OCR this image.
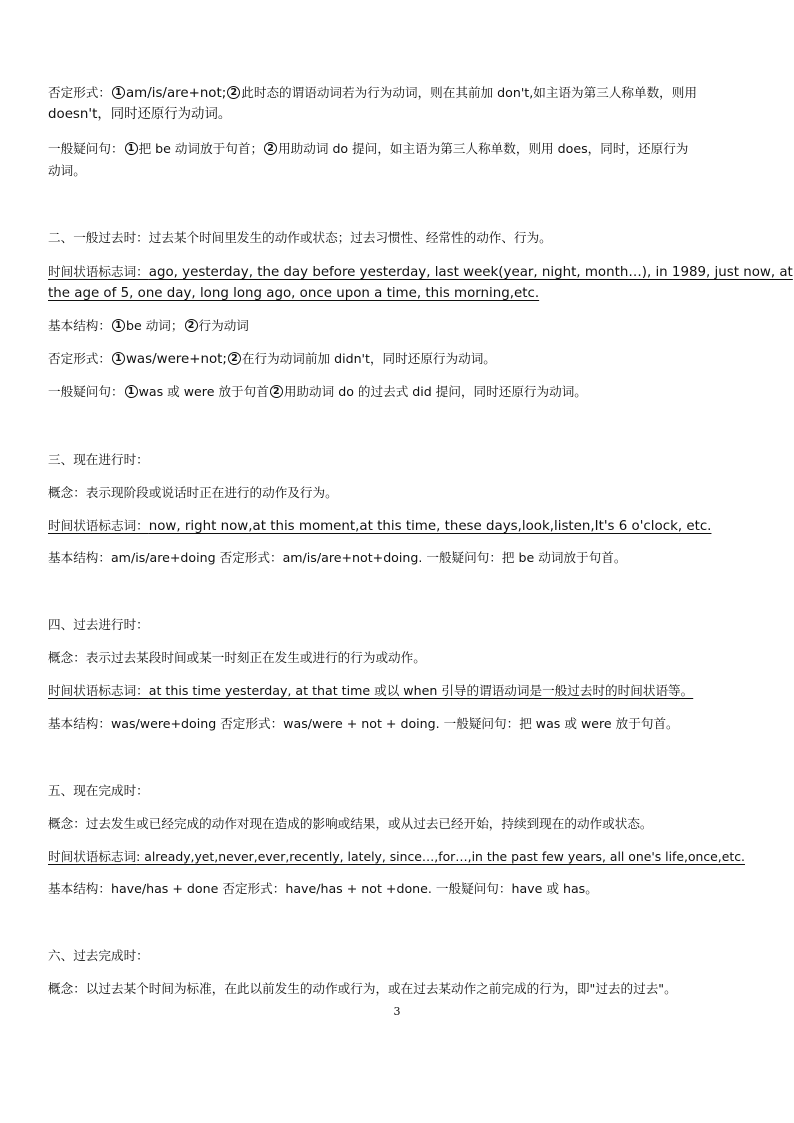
否定形式： 1 am/is/are+not; 2 此时态的谓语动词若为行为动词，则在其前加 don't,如主语为第三人称单数，则用
doesn't，同时还原行为动词。
一般疑问句： 1 把 be 动词放于句首； 2 用助动词 do 提问，如主语为第三人称单数，则用 does，同时，还原行为
动词。
二、一般过去时：过去某个时间里发生的动作或状态；过去习惯性、经常性的动作、行为。
时间状语标志词：ago, yesterday, the day before yesterday, last week(year, night, month…), in 1989, just now, at
the age of 5, one day, long long ago, once upon a time, this morning,etc.
基本结构： 1 be 动词； 2 行为动词
否定形式： 1 was/were+not; 2 在行为动词前加 didn't，同时还原行为动词。
一般疑问句： 1 was 或 were 放于句首 2 用助动词 do 的过去式 did 提问，同时还原行为动词。
三、现在进行时：
概念：表示现阶段或说话时正在进行的动作及行为。
时间状语标志词：now, right now,at this moment,at this time, these days,look,listen,It's 6 o'clock, etc.
基本结构：am/is/are+doing 否定形式：am/is/are+not+doing. 一般疑问句：把 be 动词放于句首。
四、过去进行时：
概念：表示过去某段时间或某一时刻正在发生或进行的行为或动作。
时间状语标志词：at this time yesterday, at that time 或以 when 引导的谓语动词是一般过去时的时间状语等。
基本结构：was/were+doing 否定形式：was/were + not + doing. 一般疑问句：把 was 或 were 放于句首。
五、现在完成时：
概念：过去发生或已经完成的动作对现在造成的影响或结果，或从过去已经开始，持续到现在的动作或状态。
时间状语标志词: already,yet,never,ever,recently, lately, since…,for…,in the past few years, all one's life,once,etc.
基本结构：have/has + done 否定形式：have/has + not +done. 一般疑问句：have 或 has。
六、过去完成时：
概念：以过去某个时间为标准，在此以前发生的动作或行为，或在过去某动作之前完成的行为，即"过去的过去"。
3
